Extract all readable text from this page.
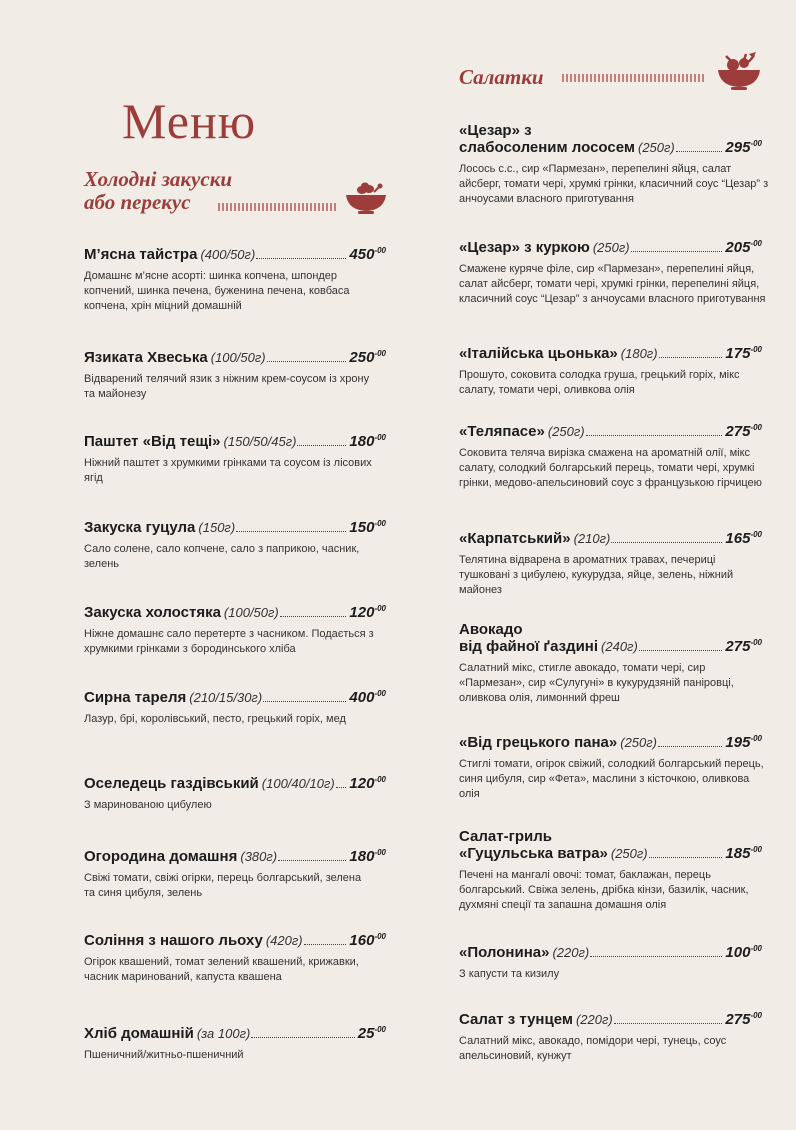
Меню
Холодні закуски
або перекус
М’ясна тайстра (400/50г)	$450^{-00}$
Домашнє м’ясне асорті: шинка копчена, шпондер копчений, шинка печена, буженина печена, ковбаса копчена, хрін міцний домашній
Язиката Хвеська (100/50г)	$250^{-00}$
Відварений телячий язик з ніжним крем-соусом із хрону та майонезу
Паштет «Від тещі» (150/50/45г)	$180^{-00}$
Ніжний паштет з хрумкими грінками та соусом із лісових ягід
Закуска гуцула (150г)	$150^{-00}$
Сало солене, сало копчене, сало з паприкою, часник, зелень
Закуска холостяка (100/50г)	$120^{-00}$
Ніжне домашнє сало перетерте з часником. Подається з хрумкими грінками з бородинського хліба
Сирна тареля (210/15/30г)	$400^{-00}$
Лазур, брі, королівський, песто, грецький горіх, мед
Оселедець газдівський (100/40/10г) $120^{-00}$
З маринованою цибулею
Огородина домашня (380г)	$180^{-00}$
Свіжі томати, свіжі огірки, перець болгарський, зелена та синя цибуля, зелень
Соління з нашого льоху (420г)	$160^{-00}$
Огірок квашений, томат зелений квашений, крижавки, часник маринований, капуста квашена
Хліб домашній (за 100г)	$25^{-00}$
Пшеничний/житньо-пшеничний
Салатки
«Цезар» з
слабосоленим лососем (250г)	$295^{-00}$
Лосось с.с., сир «Пармезан», перепелині яйця, салат айсберг, томати чері, хрумкі грінки, класичний соус “Цезар” з анчоусами власного приготування
«Цезар» з куркою (250г)	$205^{-00}$
Смажене куряче філе, сир «Пармезан», перепелині яйця, салат айсберг, томати чері, хрумкі грінки, перепелині яйця, класичний соус “Цезар” з анчоусами власного приготування
«Італійська цьонька» (180г)	$175^{-00}$
Прошуто, соковита солодка груша, грецький горіх, мікс салату, томати чері, оливкова олія
«Теляпасе» (250г)	$275^{-00}$
Соковита теляча вирізка смажена на ароматній олії, мікс салату, солодкий болгарський перець, томати чері, хрумкі грінки, медово-апельсиновий соус з французькою гірчицею
«Карпатський» (210г)	$165^{-00}$
Телятина відварена в ароматних травах, печериці тушковані з цибулею, кукурудза, яйце, зелень, ніжний майонез
Авокадо
від файної ґаздині (240г)	$275^{-00}$
Салатний мікс, стигле авокадо, томати чері, сир «Пармезан», сир «Сулугуні» в кукурудзяній паніровці, оливкова олія, лимонний фреш
«Від грецького пана» (250г)	$195^{-00}$
Стиглі томати, огірок свіжий, солодкий болгарський перець, синя цибуля, сир «Фета», маслини з кісточкою, оливкова олія
Салат-гриль
«Гуцульська ватра» (250г)	$185^{-00}$
Печені на мангалі овочі: томат, баклажан, перець болгарський. Свіжа зелень, дрібка кінзи, базилік, часник, духмяні спеції та запашна домашня олія
«Полонина» (220г)	$100^{-00}$
З капусти та кизилу
Салат з тунцем (220г)	$275^{-00}$
Салатний мікс, авокадо, помідори чері, тунець, соус апельсиновий, кунжут
